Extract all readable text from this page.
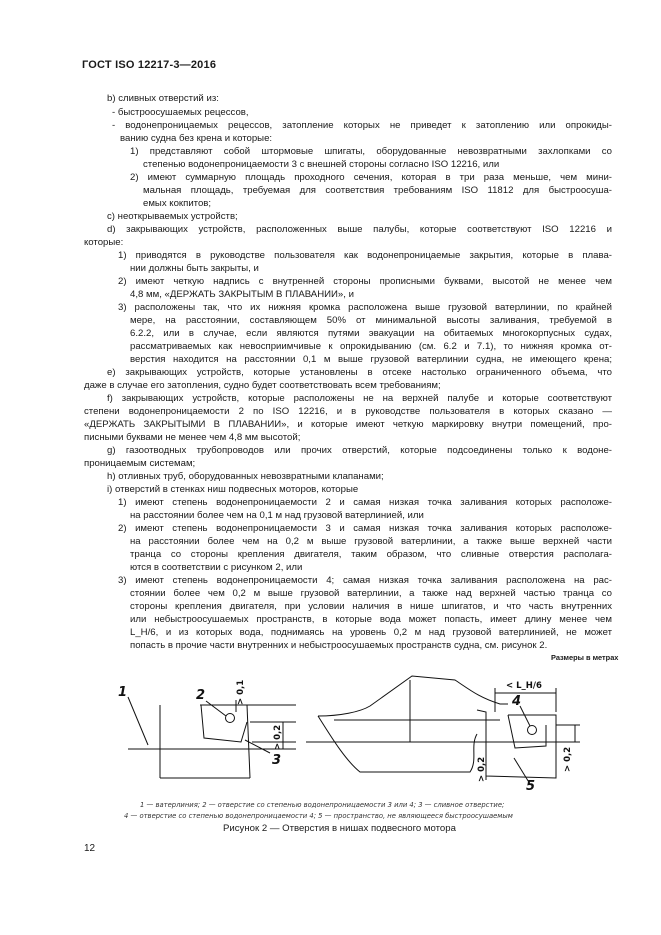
ГОСТ ISO 12217-3—2016
b) сливных отверстий из:
- быстроосушаемых рецессов,
- водонепроницаемых рецессов, затопление которых не приведет к затоплению или опрокиды-
ванию судна без крена и которые:
1) представляют собой штормовые шпигаты, оборудованные невозвратными захлопками со
степенью водонепроницаемости 3 с внешней стороны согласно ISO 12216, или
2) имеют суммарную площадь проходного сечения, которая в три раза меньше, чем мини-
мальная площадь, требуемая для соответствия требованиям ISO 11812 для быстроосуша-
емых кокпитов;
c) неоткрываемых устройств;
d) закрывающих устройств, расположенных выше палубы, которые соответствуют ISO 12216 и
которые:
1) приводятся в руководстве пользователя как водонепроницаемые закрытия, которые в плава-
нии должны быть закрыты, и
2) имеют четкую надпись с внутренней стороны прописными буквами, высотой не менее чем
4,8 мм, «ДЕРЖАТЬ ЗАКРЫТЫМ В ПЛАВАНИИ», и
3) расположены так, что их нижняя кромка расположена выше грузовой ватерлинии, по крайней
мере, на расстоянии, составляющем 50% от минимальной высоты заливания, требуемой в
6.2.2, или в случае, если являются путями эвакуации на обитаемых многокорпусных судах,
рассматриваемых как невосприимчивые к опрокидыванию (см. 6.2 и 7.1), то нижняя кромка от-
верстия находится на расстоянии 0,1 м выше грузовой ватерлинии судна, не имеющего крена;
e) закрывающих устройств, которые установлены в отсеке настолько ограниченного объема, что
даже в случае его затопления, судно будет соответствовать всем требованиям;
f) закрывающих устройств, которые расположены не на верхней палубе и которые соответствуют
степени водонепроницаемости 2 по ISO 12216, и в руководстве пользователя в которых сказано —
«ДЕРЖАТЬ ЗАКРЫТЫМИ В ПЛАВАНИИ», и которые имеют четкую маркировку внутри помещений, про-
писными буквами не менее чем 4,8 мм высотой;
g) газоотводных трубопроводов или прочих отверстий, которые подсоединены только к водоне-
проницаемым системам;
h) отливных труб, оборудованных невозвратными клапанами;
i) отверстий в стенках ниш подвесных моторов, которые
1) имеют степень водонепроницаемости 2 и самая низкая точка заливания которых расположе-
на расстоянии более чем на 0,1 м над грузовой ватерлинией, или
2) имеют степень водонепроницаемости 3 и самая низкая точка заливания которых расположе-
на расстоянии более чем на 0,2 м выше грузовой ватерлинии, а также выше верхней части
транца со стороны крепления двигателя, таким образом, что сливные отверстия располага-
ются в соответствии с рисунком 2, или
3) имеют степень водонепроницаемости 4; самая низкая точка заливания расположена на рас-
стоянии более чем 0,2 м выше грузовой ватерлинии, а также над верхней частью транца со
стороны крепления двигателя, при условии наличия в нише шпигатов, и что часть внутренних
или небыстроосушаемых пространств, в которые вода может попасть, имеет длину менее чем
L_H/6, и из которых вода, поднимаясь на уровень 0,2 м над грузовой ватерлинией, не может
попасть в прочие части внутренних и небыстроосушаемых пространств судна, см. рисунок 2.
Размеры в метрах
1	2
3
4
5
> 0,1
> 0,2
> 0,2	> 0,2
< L_H/6
1 — ватерлиния; 2 — отверстие со степенью водонепроницаемости 3 или 4; 3 — сливное отверстие;
4 — отверстие со степенью водонепроницаемости 4; 5 — пространство, не являющееся быстроосушаемым
Рисунок 2 — Отверстия в нишах подвесного мотора
12
